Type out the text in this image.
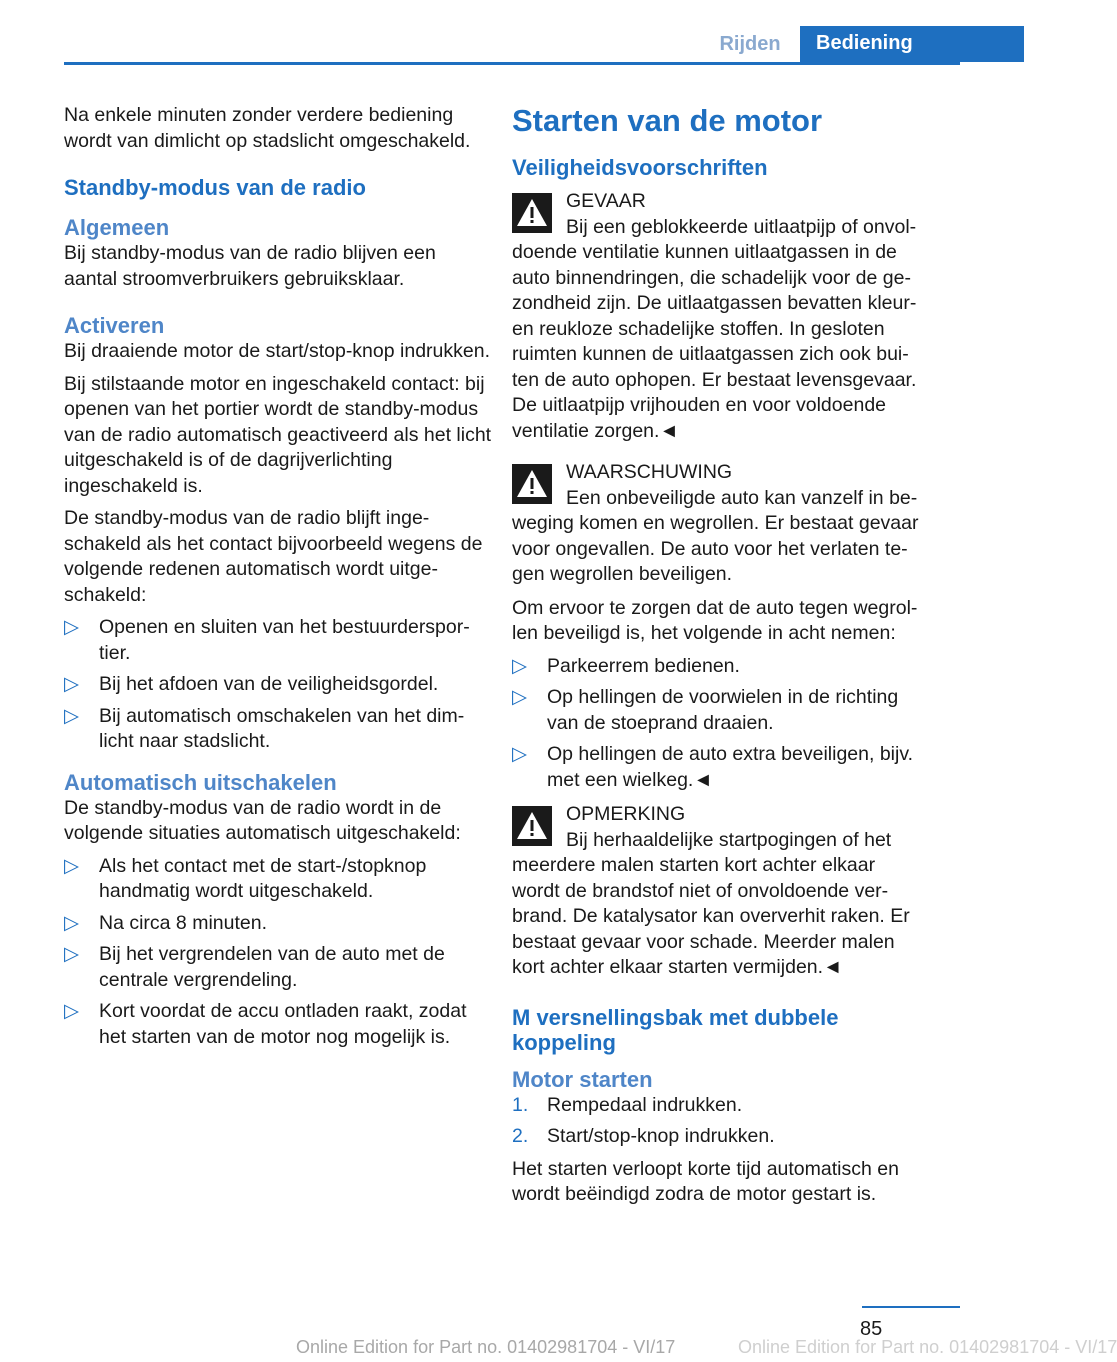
Rijden	Bediening

Na enkele minuten zonder verdere bediening wordt van dimlicht op stadslicht omgeschakeld.

Standby-modus van de radio
Algemeen

Bij standby-modus van de radio blijven een aantal stroomverbruikers gebruiksklaar.

Activeren

Bij draaiende motor de start/stop-knop indrukken.

Bij stilstaande motor en ingeschakeld contact: bij openen van het portier wordt de standby-modus van de radio automatisch geactiveerd als het licht uitgeschakeld is of de dagrijverlichting ingeschakeld is.

De standby-modus van de radio blijft ingeschakeld als het contact bijvoorbeeld wegens de volgende redenen automatisch wordt uitgeschakeld:

▷ Openen en sluiten van het bestuurdersportier.
▷ Bij het afdoen van de veiligheidsgordel.
▷ Bij automatisch omschakelen van het dimlicht naar stadslicht.
Automatisch uitschakelen

De standby-modus van de radio wordt in de volgende situaties automatisch uitgeschakeld:

▷ Als het contact met de start-/stopknop handmatig wordt uitgeschakeld.
▷ Na circa 8 minuten.
▷ Bij het vergrendelen van de auto met de centrale vergrendeling.
▷ Kort voordat de accu ontladen raakt, zodat het starten van de motor nog mogelijk is.
Starten van de motor
Veiligheidsvoorschriften
GEVAAR
Bij een geblokkeerde uitlaatpijp of onvoldoende ventilatie kunnen uitlaatgassen in de auto binnendringen, die schadelijk voor de gezondheid zijn. De uitlaatgassen bevatten kleur- en reukloze schadelijke stoffen. In gesloten ruimten kunnen de uitlaatgassen zich ook buiten de auto ophopen. Er bestaat levensgevaar. De uitlaatpijp vrijhouden en voor voldoende ventilatie zorgen.◄
WAARSCHUWING
Een onbeveiligde auto kan vanzelf in beweging komen en wegrollen. Er bestaat gevaar voor ongevallen. De auto voor het verlaten tegen wegrollen beveiligen.

Om ervoor te zorgen dat de auto tegen wegrollen beveiligd is, het volgende in acht nemen:

▷ Parkeerrem bedienen.
▷ Op hellingen de voorwielen in de richting van de stoeprand draaien.
▷ Op hellingen de auto extra beveiligen, bijv. met een wielkeg.◄
OPMERKING
Bij herhaaldelijke startpogingen of het meerdere malen starten kort achter elkaar wordt de brandstof niet of onvoldoende verbrand. De katalysator kan oververhit raken. Er bestaat gevaar voor schade. Meerder malen kort achter elkaar starten vermijden.◄
M versnellingsbak met dubbele koppeling
Motor starten
1. Rempedaal indrukken.
2. Start/stop-knop indrukken.

Het starten verloopt korte tijd automatisch en wordt beëindigd zodra de motor gestart is.

85
Online Edition for Part no. 01402981704 - VI/17	Online Edition for Part no. 01402981704 - VI/17
